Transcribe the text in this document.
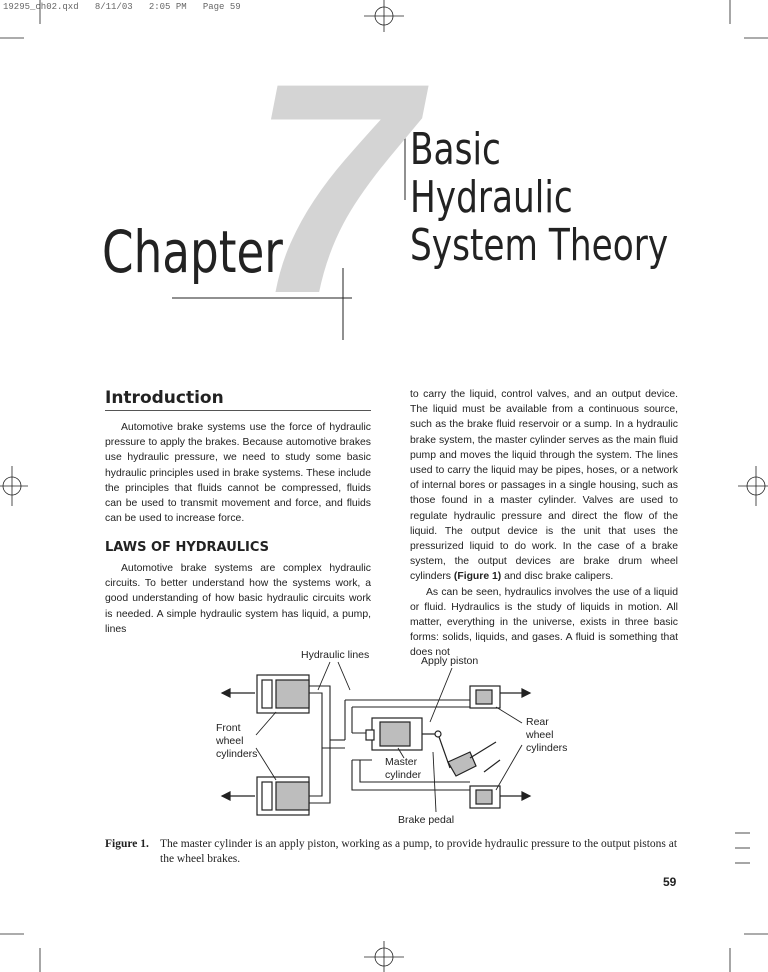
19295_ch02.qxd   8/11/03   2:05 PM   Page 59
7
Chapter
Basic
Hydraulic
System Theory
Introduction

Automotive brake systems use the force of hydraulic pressure to apply the brakes. Because automotive brakes use hydraulic pressure, we need to study some basic hydraulic principles used in brake systems. These include the principles that fluids cannot be compressed, fluids can be used to transmit movement and force, and fluids can be used to increase force.

LAWS OF HYDRAULICS

Automotive brake systems are complex hydraulic circuits. To better understand how the systems work, a good understanding of how basic hydraulic circuits work is needed. A simple hydraulic system has liquid, a pump, lines

to carry the liquid, control valves, and an output device. The liquid must be available from a continuous source, such as the brake fluid reservoir or a sump. In a hydraulic brake system, the master cylinder serves as the main fluid pump and moves the liquid through the system. The lines used to carry the liquid may be pipes, hoses, or a network of internal bores or passages in a single housing, such as those found in a master cylinder. Valves are used to regulate hydraulic pressure and direct the flow of the liquid. The output device is the unit that uses the pressurized liquid to do work. In the case of a brake system, the output devices are brake drum wheel cylinders (Figure 1) and disc brake calipers.

As can be seen, hydraulics involves the use of a liquid or fluid. Hydraulics is the study of liquids in motion. All matter, everything in the universe, exists in three basic forms: solids, liquids, and gases. A fluid is something that does not

Hydraulic lines	Apply piston
Front
wheel
cylinders
Rear
wheel
cylinders
Master
cylinder
Brake pedal
Figure 1. The master cylinder is an apply piston, working as a pump, to provide hydraulic pressure to the output pistons at the wheel brakes.
59
